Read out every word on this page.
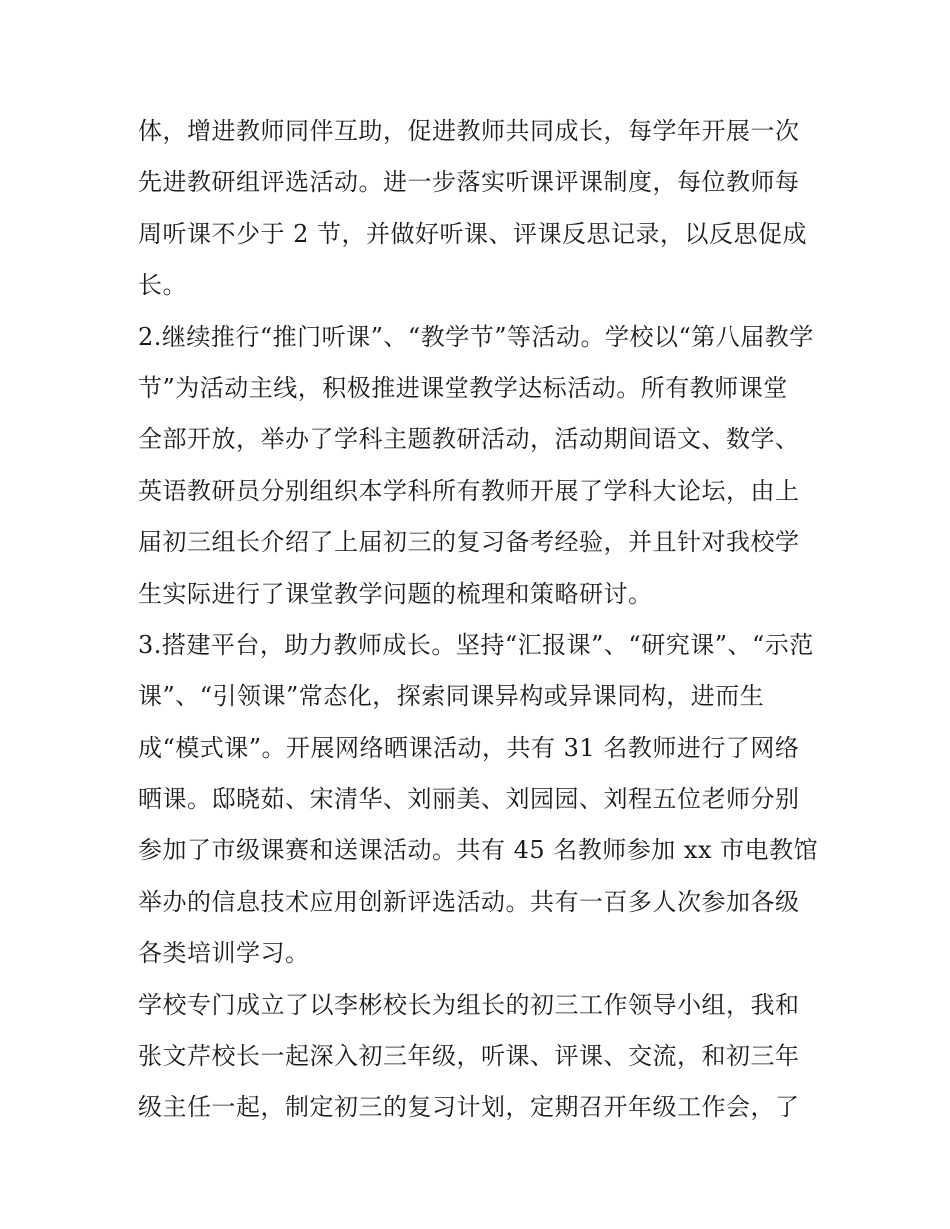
体，增进教师同伴互助，促进教师共同成长，每学年开展一次
先进教研组评选活动。进一步落实听课评课制度，每位教师每
周听课不少于 2 节，并做好听课、评课反思记录，以反思促成
长。
2.继续推行“推门听课”、“教学节”等活动。学校以“第八届教学
节”为活动主线，积极推进课堂教学达标活动。所有教师课堂
全部开放，举办了学科主题教研活动，活动期间语文、数学、
英语教研员分别组织本学科所有教师开展了学科大论坛，由上
届初三组长介绍了上届初三的复习备考经验，并且针对我校学
生实际进行了课堂教学问题的梳理和策略研讨。
3.搭建平台，助力教师成长。坚持“汇报课”、“研究课”、“示范
课”、“引领课”常态化，探索同课异构或异课同构，进而生
成“模式课”。开展网络晒课活动，共有 31 名教师进行了网络
晒课。邸晓茹、宋清华、刘丽美、刘园园、刘程五位老师分别
参加了市级课赛和送课活动。共有 45 名教师参加 xx 市电教馆
举办的信息技术应用创新评选活动。共有一百多人次参加各级
各类培训学习。
学校专门成立了以李彬校长为组长的初三工作领导小组，我和
张文芹校长一起深入初三年级，听课、评课、交流，和初三年
级主任一起，制定初三的复习计划，定期召开年级工作会，了
